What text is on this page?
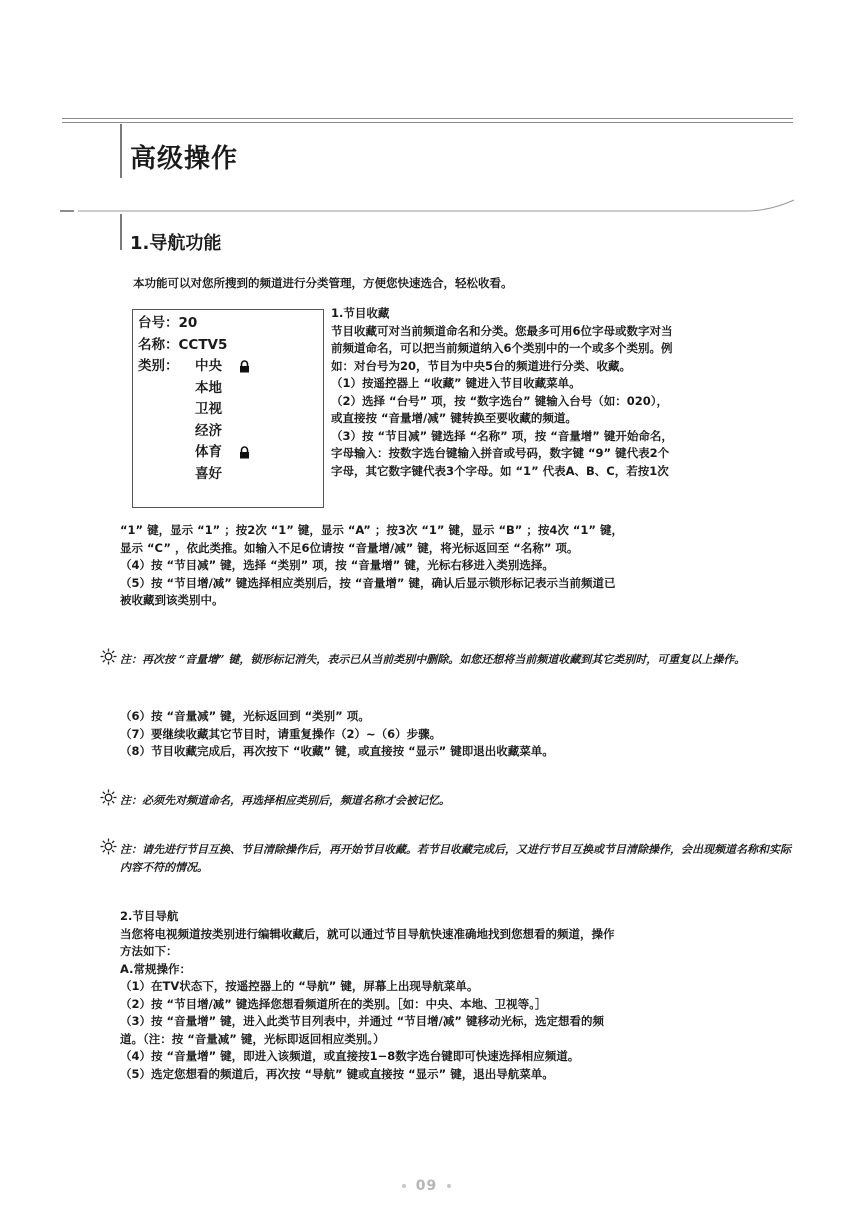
高级操作
1.导航功能
本功能可以对您所搜到的频道进行分类管理，方便您快速选合，轻松收看。
台号：20
名称：CCTV5
类别： 中央
本地
卫视
经济
体育
喜好

1.节目收藏

节目收藏可对当前频道命名和分类。您最多可用6位字母或数字对当

前频道命名，可以把当前频道纳入6个类别中的一个或多个类别。例

如：对台号为20，节目为中央5台的频道进行分类、收藏。

（1）按遥控器上 “收藏” 键进入节目收藏菜单。

（2）选择 “台号” 项，按 “数字选台” 键输入台号（如：020），

或直接按 “音量增/减” 键转换至要收藏的频道。

（3）按 “节目减” 键选择 “名称” 项，按 “音量增” 键开始命名，

字母输入：按数字选台键输入拼音或号码，数字键 “9” 键代表2个

字母，其它数字键代表3个字母。如 “1” 代表A、B、C，若按1次

“1” 键，显示 “1” ；按2次 “1” 键，显示 “A” ；按3次 “1” 键，显示 “B” ；按4次 “1” 键，

显示 “C” ，依此类推。如输入不足6位请按 “音量增/减” 键，将光标返回至 “名称” 项。

（4）按 “节目减” 键，选择 “类别” 项，按 “音量增” 键，光标右移进入类别选择。

（5）按 “节目增/减” 键选择相应类别后，按 “音量增” 键，确认后显示锁形标记表示当前频道已

被收藏到该类别中。

注：再次按 “音量增” 键，锁形标记消失，表示已从当前类别中删除。如您还想将当前频道收藏到其它类别时，可重复以上操作。

（6）按 “音量减” 键，光标返回到 “类别” 项。

（7）要继续收藏其它节目时，请重复操作（2）~（6）步骤。

（8）节目收藏完成后，再次按下 “收藏” 键，或直接按 “显示” 键即退出收藏菜单。

注：必须先对频道命名，再选择相应类别后，频道名称才会被记忆。
注：请先进行节目互换、节目清除操作后，再开始节目收藏。若节目收藏完成后，又进行节目互换或节目清除操作，会出现频道名称和实际内容不符的情况。

2.节目导航

当您将电视频道按类别进行编辑收藏后，就可以通过节目导航快速准确地找到您想看的频道，操作

方法如下：

A.常规操作：

（1）在TV状态下，按遥控器上的 “导航” 键，屏幕上出现导航菜单。

（2）按 “节目增/减” 键选择您想看频道所在的类别。［如：中央、本地、卫视等。］

（3）按 “音量增” 键，进入此类节目列表中，并通过 “节目增/减” 键移动光标，选定想看的频

道。（注：按 “音量减” 键，光标即返回相应类别。）

（4）按 “音量增” 键，即进入该频道，或直接按1−8数字选台键即可快速选择相应频道。

（5）选定您想看的频道后，再次按 “导航” 键或直接按 “显示” 键，退出导航菜单。

09
